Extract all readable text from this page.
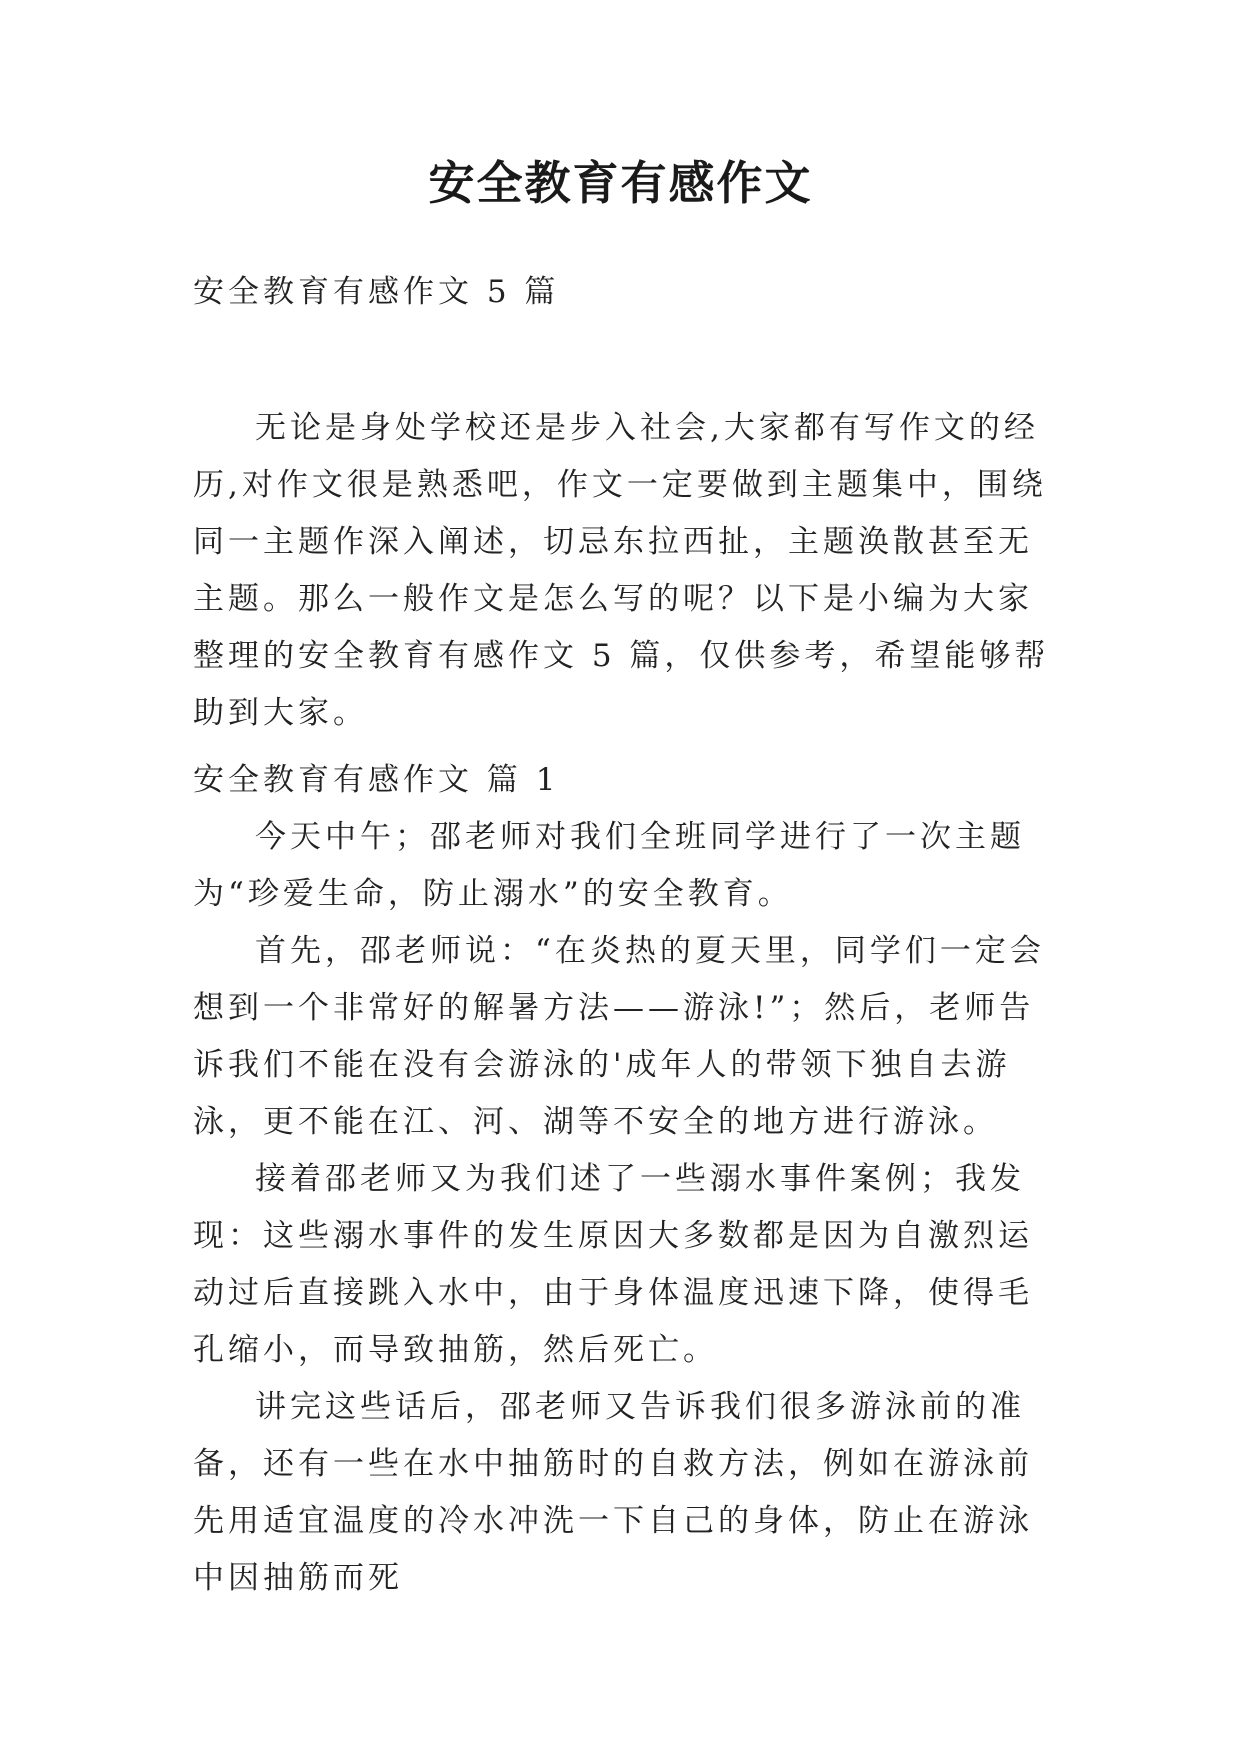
安全教育有感作文
安全教育有感作文 5 篇

无论是身处学校还是步入社会,大家都有写作文的经历,对作文很是熟悉吧，作文一定要做到主题集中，围绕同一主题作深入阐述，切忌东拉西扯，主题涣散甚至无主题。那么一般作文是怎么写的呢？以下是小编为大家整理的安全教育有感作文 5 篇，仅供参考，希望能够帮助到大家。

安全教育有感作文 篇 1

今天中午；邵老师对我们全班同学进行了一次主题为“珍爱生命，防止溺水”的安全教育。

首先，邵老师说：“在炎热的夏天里，同学们一定会想到一个非常好的解暑方法——游泳!”；然后，老师告诉我们不能在没有会游泳的'成年人的带领下独自去游泳，更不能在江、河、湖等不安全的地方进行游泳。

接着邵老师又为我们述了一些溺水事件案例；我发现：这些溺水事件的发生原因大多数都是因为自激烈运动过后直接跳入水中，由于身体温度迅速下降，使得毛孔缩小，而导致抽筋，然后死亡。

讲完这些话后，邵老师又告诉我们很多游泳前的准备，还有一些在水中抽筋时的自救方法，例如在游泳前先用适宜温度的冷水冲洗一下自己的身体，防止在游泳中因抽筋而死
